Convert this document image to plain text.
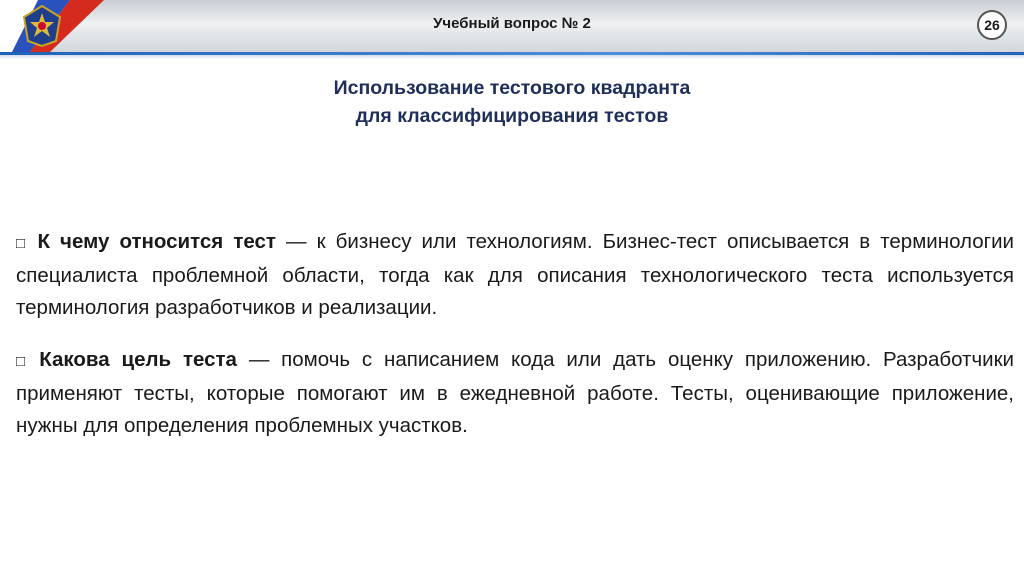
Учебный вопрос № 2	26
Использование тестового квадранта
для классифицирования тестов

□ К чему относится тест — к бизнесу или технологиям. Бизнес-тест описывается в терминологии специалиста проблемной области, тогда как для описания технологического теста используется терминология разработчиков и реализации.

□ Какова цель теста — помочь с написанием кода или дать оценку приложению. Разработчики применяют тесты, которые помогают им в ежедневной работе. Тесты, оценивающие приложение, нужны для определения проблемных участков.
